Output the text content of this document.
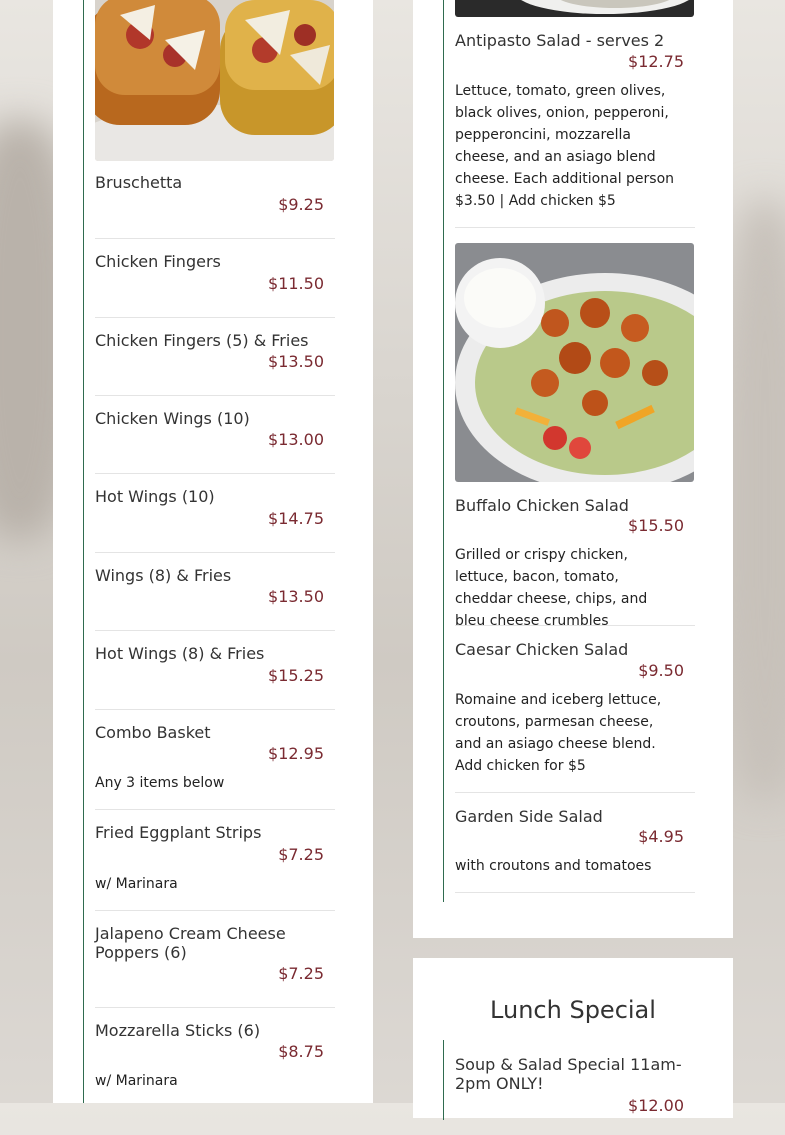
Bruschetta
$9.25
Chicken Fingers
$11.50
Chicken Fingers (5) & Fries
$13.50
Chicken Wings (10)
$13.00
Hot Wings (10)
$14.75
Wings (8) & Fries
$13.50
Hot Wings (8) & Fries
$15.25
Combo Basket
$12.95
Any 3 items below
Fried Eggplant Strips
$7.25
w/ Marinara
Jalapeno Cream Cheese Poppers (6)
$7.25
Mozzarella Sticks (6)
$8.75
w/ Marinara
Antipasto Salad - serves 2
$12.75
Lettuce, tomato, green olives, black olives, onion, pepperoni, pepperoncini, mozzarella cheese, and an asiago blend cheese. Each additional person $3.50 | Add chicken $5
Buffalo Chicken Salad
$15.50
Grilled or crispy chicken, lettuce, bacon, tomato, cheddar cheese, chips, and bleu cheese crumbles
Caesar Chicken Salad
$9.50
Romaine and iceberg lettuce, croutons, parmesan cheese, and an asiago cheese blend. Add chicken for $5
Garden Side Salad
$4.95
with croutons and tomatoes
Lunch Special
Soup & Salad Special 11am-2pm ONLY!
$12.00
